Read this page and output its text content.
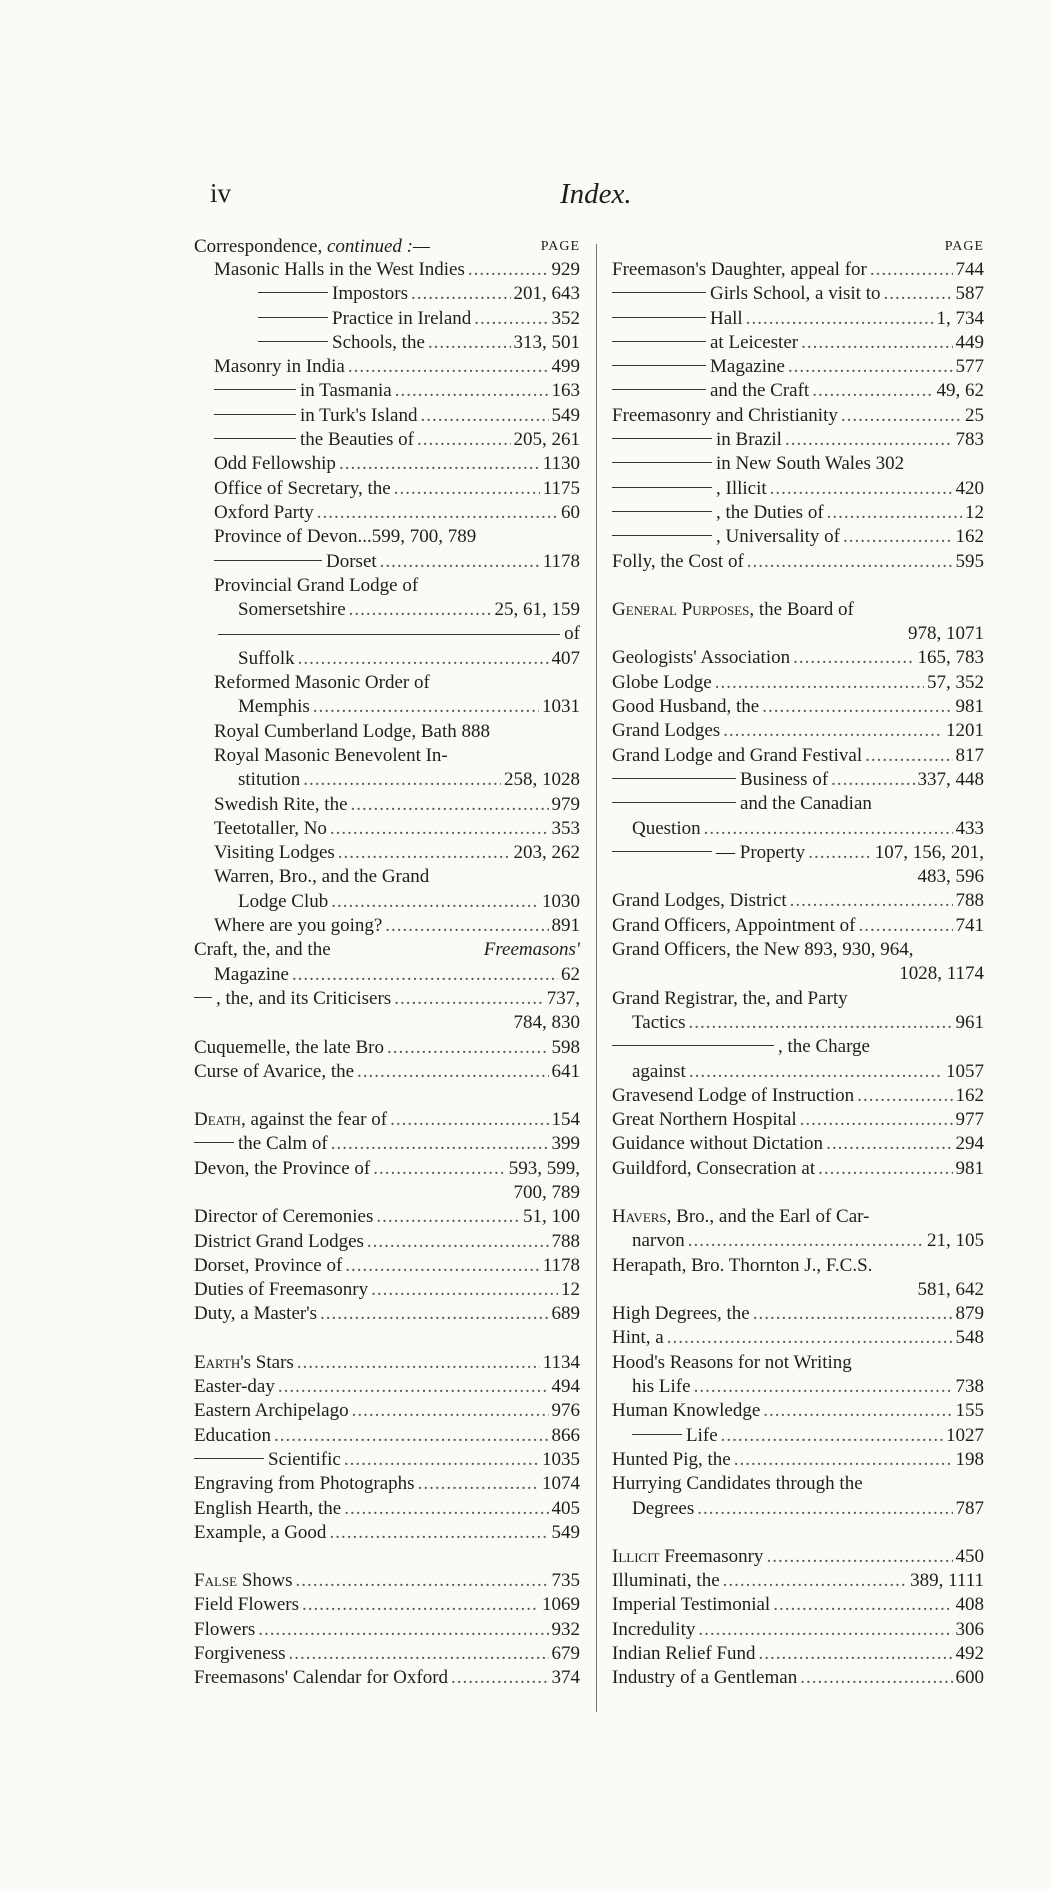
iv	Index.
Correspondence, continued :—	PAGE
Masonic Halls in the West Indies .....	929
Impostors .....	201, 643
Practice in Ireland .....	352
Schools, the .....	313, 501
Masonry in India .....	499
in Tasmania .....	163
in Turk's Island .....	549
the Beauties of .....	205, 261
Odd Fellowship .....	1130
Office of Secretary, the .....	1175
Oxford Party .....	60
Province of Devon...599, 700, 789
Dorset .....	1178
Provincial Grand Lodge of
Somersetshire .....	25, 61, 159
of
Suffolk .....	407
Reformed Masonic Order of
Memphis .....	1031
Royal Cumberland Lodge, Bath 888
Royal Masonic Benevolent In-
stitution .....	258, 1028
Swedish Rite, the .....	979
Teetotaller, No .....	353
Visiting Lodges .....	203, 262
Warren, Bro., and the Grand
Lodge Club .....	1030
Where are you going? .....	891
Craft, the, and the	Freemasons'
Magazine .....	62
, the, and its Criticisers .....	737,
784, 830
Cuquemelle, the late Bro .....	598
Curse of Avarice, the .....	641
Death, against the fear of .....	154
the Calm of .....	399
Devon, the Province of .....	593, 599,
700, 789
Director of Ceremonies .....	51, 100
District Grand Lodges .....	788
Dorset, Province of .....	1178
Duties of Freemasonry .....	12
Duty, a Master's .....	689
Earth's Stars .....	1134
Easter-day .....	494
Eastern Archipelago .....	976
Education .....	866
Scientific .....	1035
Engraving from Photographs .....	1074
English Hearth, the .....	405
Example, a Good .....	549
False Shows .....	735
Field Flowers .....	1069
Flowers .....	932
Forgiveness .....	679
Freemasons' Calendar for Oxford .....	374
PAGE
Freemason's Daughter, appeal for .....	744
Girls School, a visit to .....	587
Hall .....	1, 734
at Leicester .....	449
Magazine .....	577
and the Craft .....	49, 62
Freemasonry and Christianity .....	25
in Brazil .....	783
in New South Wales 302
, Illicit .....	420
, the Duties of .....	12
, Universality of .....	162
Folly, the Cost of .....	595
General Purposes, the Board of
978, 1071
Geologists' Association .....	165, 783
Globe Lodge .....	57, 352
Good Husband, the .....	981
Grand Lodges .....	1201
Grand Lodge and Grand Festival .....	817
Business of .....	337, 448
and the Canadian
Question .....	433
— Property .....	107, 156, 201,
483, 596
Grand Lodges, District .....	788
Grand Officers, Appointment of .....	741
Grand Officers, the New 893, 930, 964,
1028, 1174
Grand Registrar, the, and Party
Tactics .....	961
, the Charge
against .....	1057
Gravesend Lodge of Instruction .....	162
Great Northern Hospital .....	977
Guidance without Dictation .....	294
Guildford, Consecration at .....	981
Havers, Bro., and the Earl of Car-
narvon .....	21, 105
Herapath, Bro. Thornton J., F.C.S.
581, 642
High Degrees, the .....	879
Hint, a .....	548
Hood's Reasons for not Writing
his Life .....	738
Human Knowledge .....	155
Life .....	1027
Hunted Pig, the .....	198
Hurrying Candidates through the
Degrees .....	787
Illicit Freemasonry .....	450
Illuminati, the .....	389, 1111
Imperial Testimonial .....	408
Incredulity .....	306
Indian Relief Fund .....	492
Industry of a Gentleman .....	600
